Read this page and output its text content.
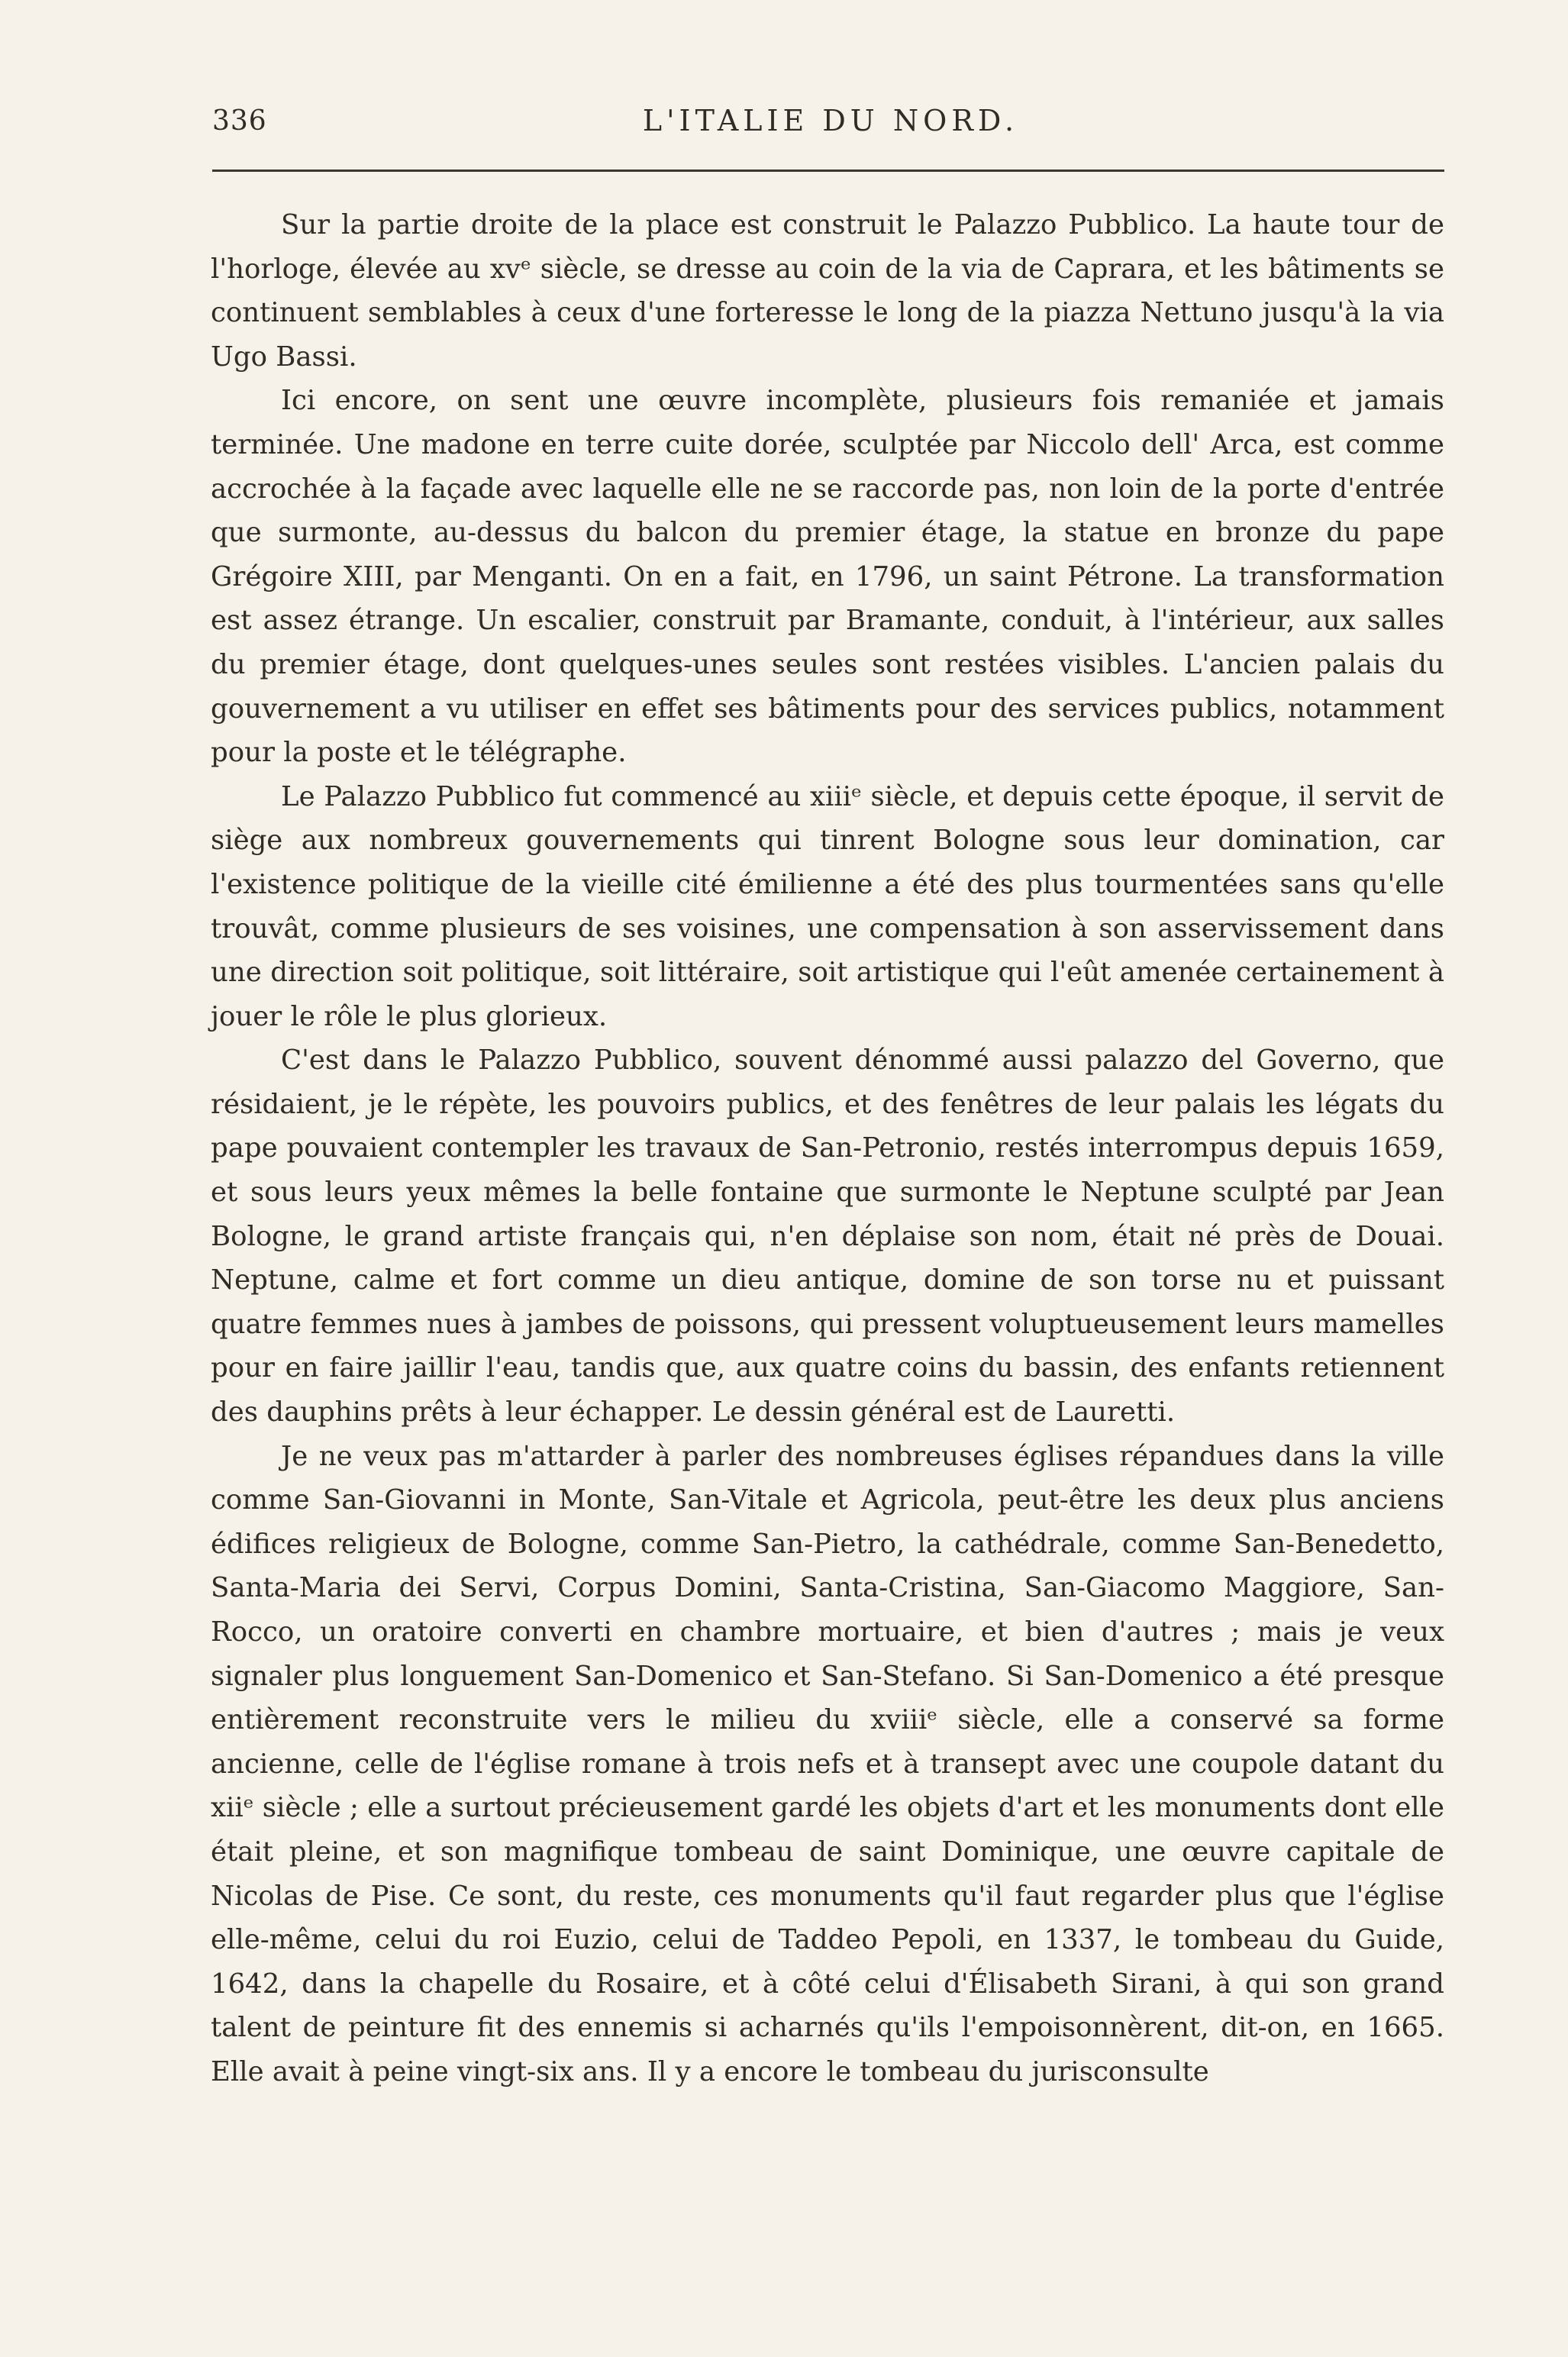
336	L'ITALIE DU NORD.

Sur la partie droite de la place est construit le Palazzo Pubblico. La haute tour de l'horloge, élevée au xvᵉ siècle, se dresse au coin de la via de Caprara, et les bâtiments se continuent semblables à ceux d'une forteresse le long de la piazza Nettuno jusqu'à la via Ugo Bassi.

Ici encore, on sent une œuvre incomplète, plusieurs fois remaniée et jamais terminée. Une madone en terre cuite dorée, sculptée par Niccolo dell' Arca, est comme accrochée à la façade avec laquelle elle ne se raccorde pas, non loin de la porte d'entrée que surmonte, au-dessus du balcon du premier étage, la statue en bronze du pape Grégoire XIII, par Menganti. On en a fait, en 1796, un saint Pétrone. La transformation est assez étrange. Un escalier, construit par Bramante, conduit, à l'intérieur, aux salles du premier étage, dont quelques-unes seules sont restées visibles. L'ancien palais du gouvernement a vu utiliser en effet ses bâtiments pour des services publics, notamment pour la poste et le télégraphe.

Le Palazzo Pubblico fut commencé au xiiiᵉ siècle, et depuis cette époque, il servit de siège aux nombreux gouvernements qui tinrent Bologne sous leur domination, car l'existence politique de la vieille cité émilienne a été des plus tourmentées sans qu'elle trouvât, comme plusieurs de ses voisines, une compensation à son asservissement dans une direction soit politique, soit littéraire, soit artistique qui l'eût amenée certainement à jouer le rôle le plus glorieux.

C'est dans le Palazzo Pubblico, souvent dénommé aussi palazzo del Governo, que résidaient, je le répète, les pouvoirs publics, et des fenêtres de leur palais les légats du pape pouvaient contempler les travaux de San-Petronio, restés interrompus depuis 1659, et sous leurs yeux mêmes la belle fontaine que surmonte le Neptune sculpté par Jean Bologne, le grand artiste français qui, n'en déplaise son nom, était né près de Douai. Neptune, calme et fort comme un dieu antique, domine de son torse nu et puissant quatre femmes nues à jambes de poissons, qui pressent voluptueusement leurs mamelles pour en faire jaillir l'eau, tandis que, aux quatre coins du bassin, des enfants retiennent des dauphins prêts à leur échapper. Le dessin général est de Lauretti.

Je ne veux pas m'attarder à parler des nombreuses églises répandues dans la ville comme San-Giovanni in Monte, San-Vitale et Agricola, peut-être les deux plus anciens édifices religieux de Bologne, comme San-Pietro, la cathédrale, comme San-Benedetto, Santa-Maria dei Servi, Corpus Domini, Santa-Cristina, San-Giacomo Maggiore, San-Rocco, un oratoire converti en chambre mortuaire, et bien d'autres ; mais je veux signaler plus longuement San-Domenico et San-Stefano. Si San-Domenico a été presque entièrement reconstruite vers le milieu du xviiiᵉ siècle, elle a conservé sa forme ancienne, celle de l'église romane à trois nefs et à transept avec une coupole datant du xiiᵉ siècle ; elle a surtout précieusement gardé les objets d'art et les monuments dont elle était pleine, et son magnifique tombeau de saint Dominique, une œuvre capitale de Nicolas de Pise. Ce sont, du reste, ces monuments qu'il faut regarder plus que l'église elle-même, celui du roi Euzio, celui de Taddeo Pepoli, en 1337, le tombeau du Guide, 1642, dans la chapelle du Rosaire, et à côté celui d'Élisabeth Sirani, à qui son grand talent de peinture fit des ennemis si acharnés qu'ils l'empoisonnèrent, dit-on, en 1665. Elle avait à peine vingt-six ans. Il y a encore le tombeau du jurisconsulte
